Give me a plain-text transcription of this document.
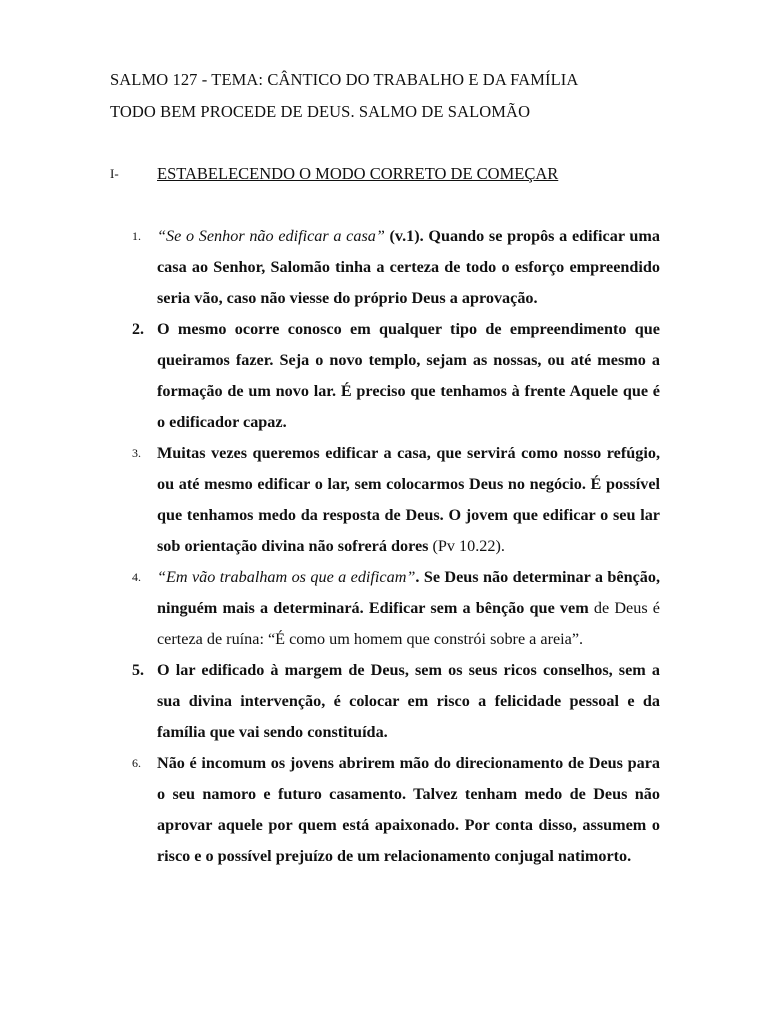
SALMO 127 - TEMA: CÂNTICO DO TRABALHO E DA FAMÍLIA
TODO BEM PROCEDE DE DEUS. SALMO DE SALOMÃO
I- ESTABELECENDO O MODO CORRETO DE COMEÇAR
1. “Se o Senhor não edificar a casa” (v.1). Quando se propôs a edificar uma casa ao Senhor, Salomão tinha a certeza de todo o esforço empreendido seria vão, caso não viesse do próprio Deus a aprovação.
2. O mesmo ocorre conosco em qualquer tipo de empreendimento que queiramos fazer. Seja o novo templo, sejam as nossas, ou até mesmo a formação de um novo lar. É preciso que tenhamos à frente Aquele que é o edificador capaz.
3. Muitas vezes queremos edificar a casa, que servirá como nosso refúgio, ou até mesmo edificar o lar, sem colocarmos Deus no negócio. É possível que tenhamos medo da resposta de Deus. O jovem que edificar o seu lar sob orientação divina não sofrerá dores (Pv 10.22).
4. “Em vão trabalham os que a edificam”. Se Deus não determinar a bênção, ninguém mais a determinará. Edificar sem a bênção que vem de Deus é certeza de ruína: “É como um homem que constrói sobre a areia”.
5. O lar edificado à margem de Deus, sem os seus ricos conselhos, sem a sua divina intervenção, é colocar em risco a felicidade pessoal e da família que vai sendo constituída.
6. Não é incomum os jovens abrirem mão do direcionamento de Deus para o seu namoro e futuro casamento. Talvez tenham medo de Deus não aprovar aquele por quem está apaixonado. Por conta disso, assumem o risco e o possível prejuízo de um relacionamento conjugal natimorto.
